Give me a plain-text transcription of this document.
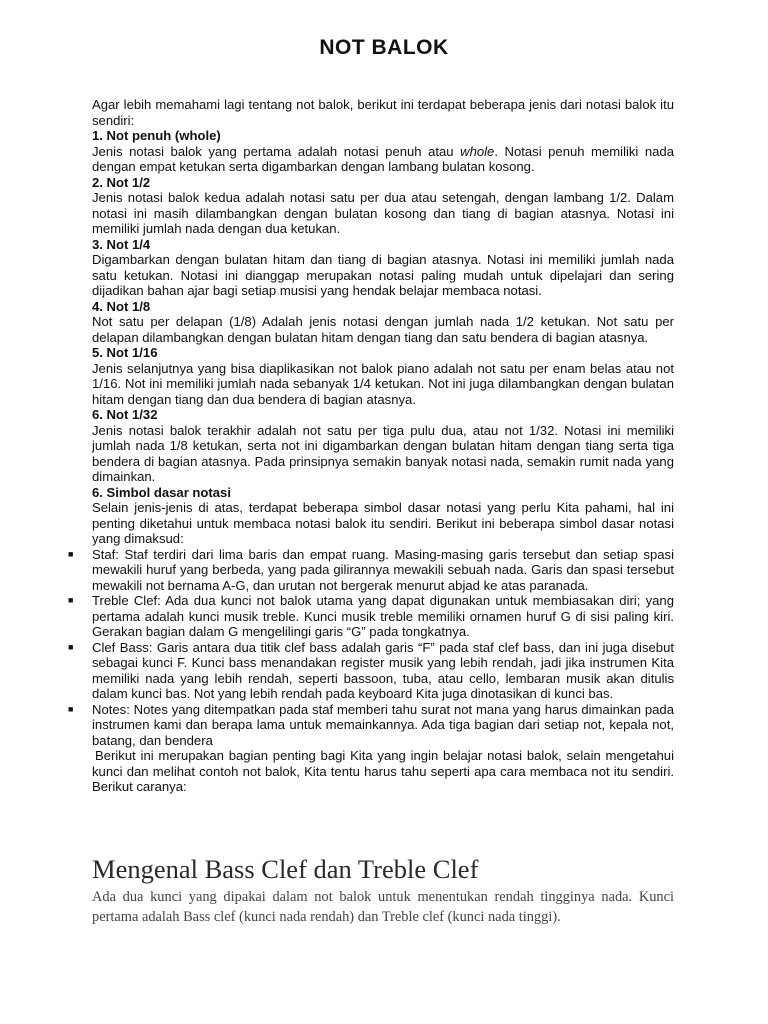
NOT BALOK

Agar lebih memahami lagi tentang not balok, berikut ini terdapat beberapa jenis dari notasi balok itu sendiri:

1. Not penuh (whole)

Jenis notasi balok yang pertama adalah notasi penuh atau whole. Notasi penuh memiliki nada dengan empat ketukan serta digambarkan dengan lambang bulatan kosong.

2. Not 1/2

Jenis notasi balok kedua adalah notasi satu per dua atau setengah, dengan lambang 1/2. Dalam notasi ini masih dilambangkan dengan bulatan kosong dan tiang di bagian atasnya. Notasi ini memiliki jumlah nada dengan dua ketukan.

3. Not 1/4

Digambarkan dengan bulatan hitam dan tiang di bagian atasnya. Notasi ini memiliki jumlah nada satu ketukan. Notasi ini dianggap merupakan notasi paling mudah untuk dipelajari dan sering dijadikan bahan ajar bagi setiap musisi yang hendak belajar membaca notasi.

4. Not 1/8

Not satu per delapan (1/8) Adalah jenis notasi dengan jumlah nada 1/2 ketukan. Not satu per delapan dilambangkan dengan bulatan hitam dengan tiang dan satu bendera di bagian atasnya.

5. Not 1/16

Jenis selanjutnya yang bisa diaplikasikan not balok piano adalah not satu per enam belas atau not 1/16. Not ini memiliki jumlah nada sebanyak 1/4 ketukan. Not ini juga dilambangkan dengan bulatan hitam dengan tiang dan dua bendera di bagian atasnya.

6. Not 1/32

Jenis notasi balok terakhir adalah not satu per tiga pulu dua, atau not 1/32. Notasi ini memiliki jumlah nada 1/8 ketukan, serta not ini digambarkan dengan bulatan hitam dengan tiang serta tiga bendera di bagian atasnya. Pada prinsipnya semakin banyak notasi nada, semakin rumit nada yang dimainkan.

6. Simbol dasar notasi

Selain jenis-jenis di atas, terdapat beberapa simbol dasar notasi yang perlu Kita pahami, hal ini penting diketahui untuk membaca notasi balok itu sendiri. Berikut ini beberapa simbol dasar notasi yang dimaksud:

■ Staf: Staf terdiri dari lima baris dan empat ruang. Masing-masing garis tersebut dan setiap spasi mewakili huruf yang berbeda, yang pada gilirannya mewakili sebuah nada. Garis dan spasi tersebut mewakili not bernama A-G, dan urutan not bergerak menurut abjad ke atas paranada.
■ Treble Clef: Ada dua kunci not balok utama yang dapat digunakan untuk membiasakan diri; yang pertama adalah kunci musik treble. Kunci musik treble memiliki ornamen huruf G di sisi paling kiri. Gerakan bagian dalam G mengelilingi garis “G” pada tongkatnya.
■ Clef Bass: Garis antara dua titik clef bass adalah garis “F” pada staf clef bass, dan ini juga disebut sebagai kunci F. Kunci bass menandakan register musik yang lebih rendah, jadi jika instrumen Kita memiliki nada yang lebih rendah, seperti bassoon, tuba, atau cello, lembaran musik akan ditulis dalam kunci bas. Not yang lebih rendah pada keyboard Kita juga dinotasikan di kunci bas.
■ Notes: Notes yang ditempatkan pada staf memberi tahu surat not mana yang harus dimainkan pada instrumen kami dan berapa lama untuk memainkannya. Ada tiga bagian dari setiap not, kepala not, batang, dan bendera

Berikut ini merupakan bagian penting bagi Kita yang ingin belajar notasi balok, selain mengetahui kunci dan melihat contoh not balok, Kita tentu harus tahu seperti apa cara membaca not itu sendiri. Berikut caranya:

Mengenal Bass Clef dan Treble Clef
Ada dua kunci yang dipakai dalam not balok untuk menentukan rendah tingginya nada. Kunci pertama adalah Bass clef (kunci nada rendah) dan Treble clef (kunci nada tinggi).
